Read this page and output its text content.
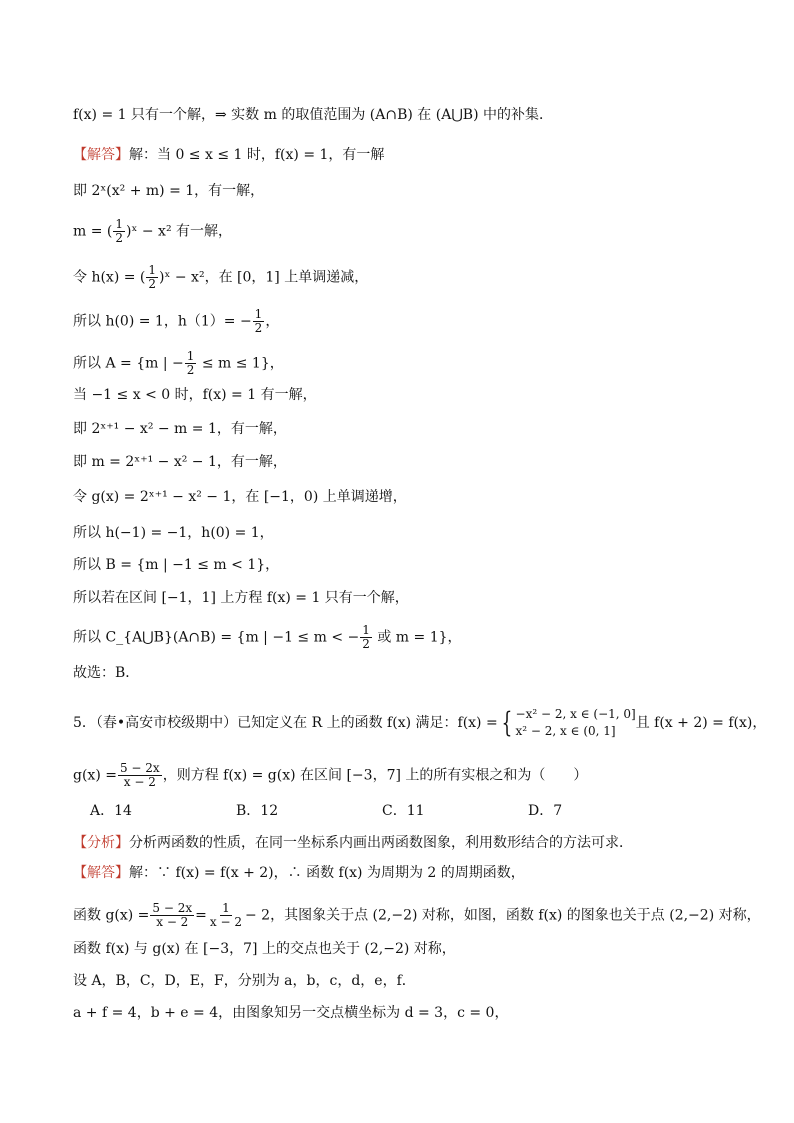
f(x) = 1 只有一个解，⇒ 实数 m 的取值范围为 (A∩B) 在 (A⋃B) 中的补集．
【解答】解：当 0 ≤ x ≤ 1 时，f(x) = 1，有一解
即 2ˣ(x² + m) = 1，有一解，
m = ( $\frac{1}{2}$ )ˣ − x² 有一解，
令 h(x) = ( $\frac{1}{2}$ )ˣ − x²，在 [0，1] 上单调递减，
所以 h(0) = 1，$h(1)= - \frac{1}{2}$ ，
所以 A = {m | − $\frac{1}{2} \le m \le 1$}，
当 −1 ≤ x < 0 时，f(x) = 1 有一解，
即 2ˣ⁺¹ − x² − m = 1，有一解，
即 m = 2ˣ⁺¹ − x² − 1，有一解，
令 g(x) = 2ˣ⁺¹ − x² − 1，在 [−1，0) 上单调递增，
所以 h(−1) = −1，h(0) = 1，
所以 B = {m | −1 ≤ m < 1}，
所以若在区间 [−1，1] 上方程 f(x) = 1 只有一个解，
所以 C_{A⋃B}(A∩B) = {m | −1 ≤ m < − $\frac{1}{2}$ 或 m = 1}，
故选：B．
5．（春•高安市校级期中）已知定义在 R 上的函数 f(x) 满足：f(x) = { −x² − 2, x ∈ (−1, 0]
x² − 2, x ∈ (0, 1]	且 f(x + 2) = f(x)，
$g(x) = \frac{5 - 2x}{x - 2}$ ，则方程 f(x) = g(x) 在区间 [−3，7] 上的所有实根之和为（　　）
A．14	B．12	C．11	D．7
【分析】分析两函数的性质，在同一坐标系内画出两函数图象，利用数形结合的方法可求．
【解答】解：∵ f(x) = f(x + 2)，∴ 函数 f(x) 为周期为 2 的周期函数，
函数 $g(x) = \frac{5 - 2x}{x - 2} = \frac{1}{x - 2} - 2$，其图象关于点 (2,−2) 对称，如图，函数 f(x) 的图象也关于点 (2,−2) 对称，
函数 f(x) 与 g(x) 在 [−3，7] 上的交点也关于 (2,−2) 对称，
设 A，B，C，D，E，F，分别为 a，b，c，d，e，f．
a + f = 4，b + e = 4，由图象知另一交点横坐标为 d = 3，c = 0，
